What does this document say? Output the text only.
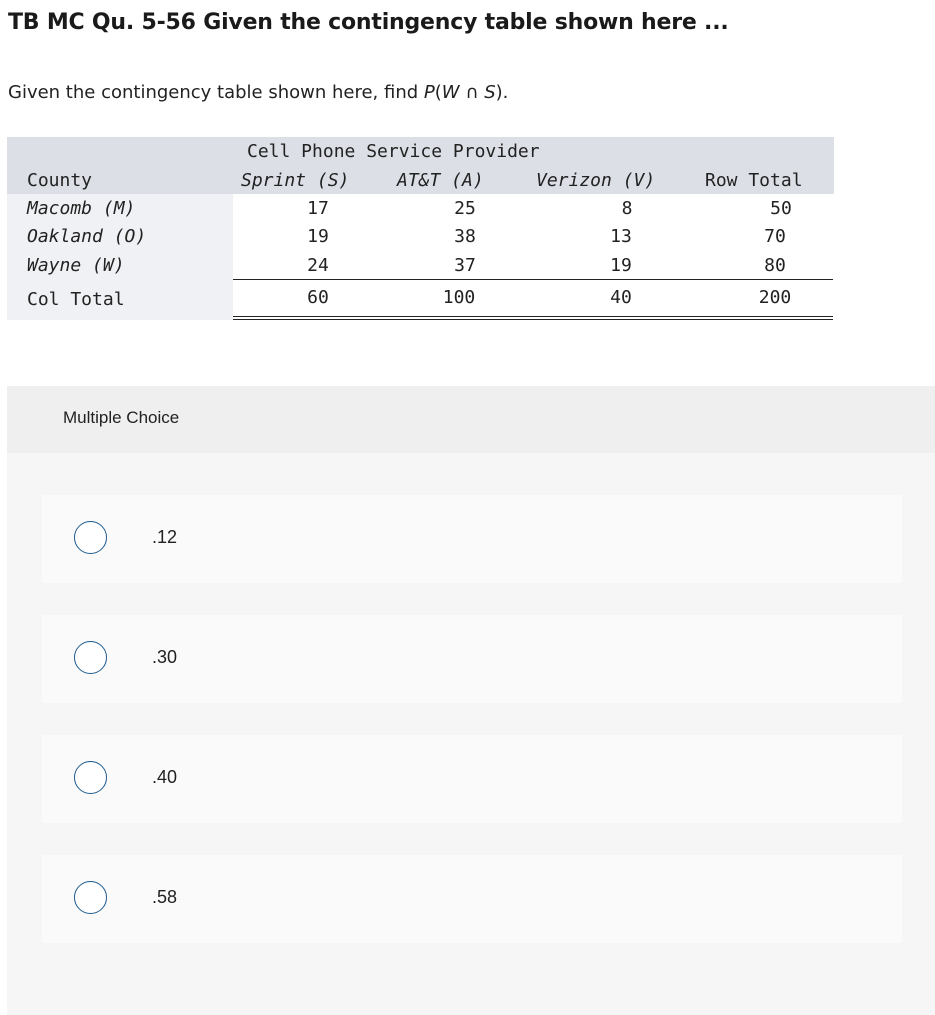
TB MC Qu. 5-56 Given the contingency table shown here ...
Given the contingency table shown here, find P(W ∩ S).
Cell Phone Service Provider
County	Sprint (S)	AT&T (A)	Verizon (V)	Row Total
Macomb (M)	17	25	8	50
Oakland (O)	19	38	13	70
Wayne (W)	24	37	19	80
Col Total	60	100	40	200
Multiple Choice
.12
.30
.40
.58
